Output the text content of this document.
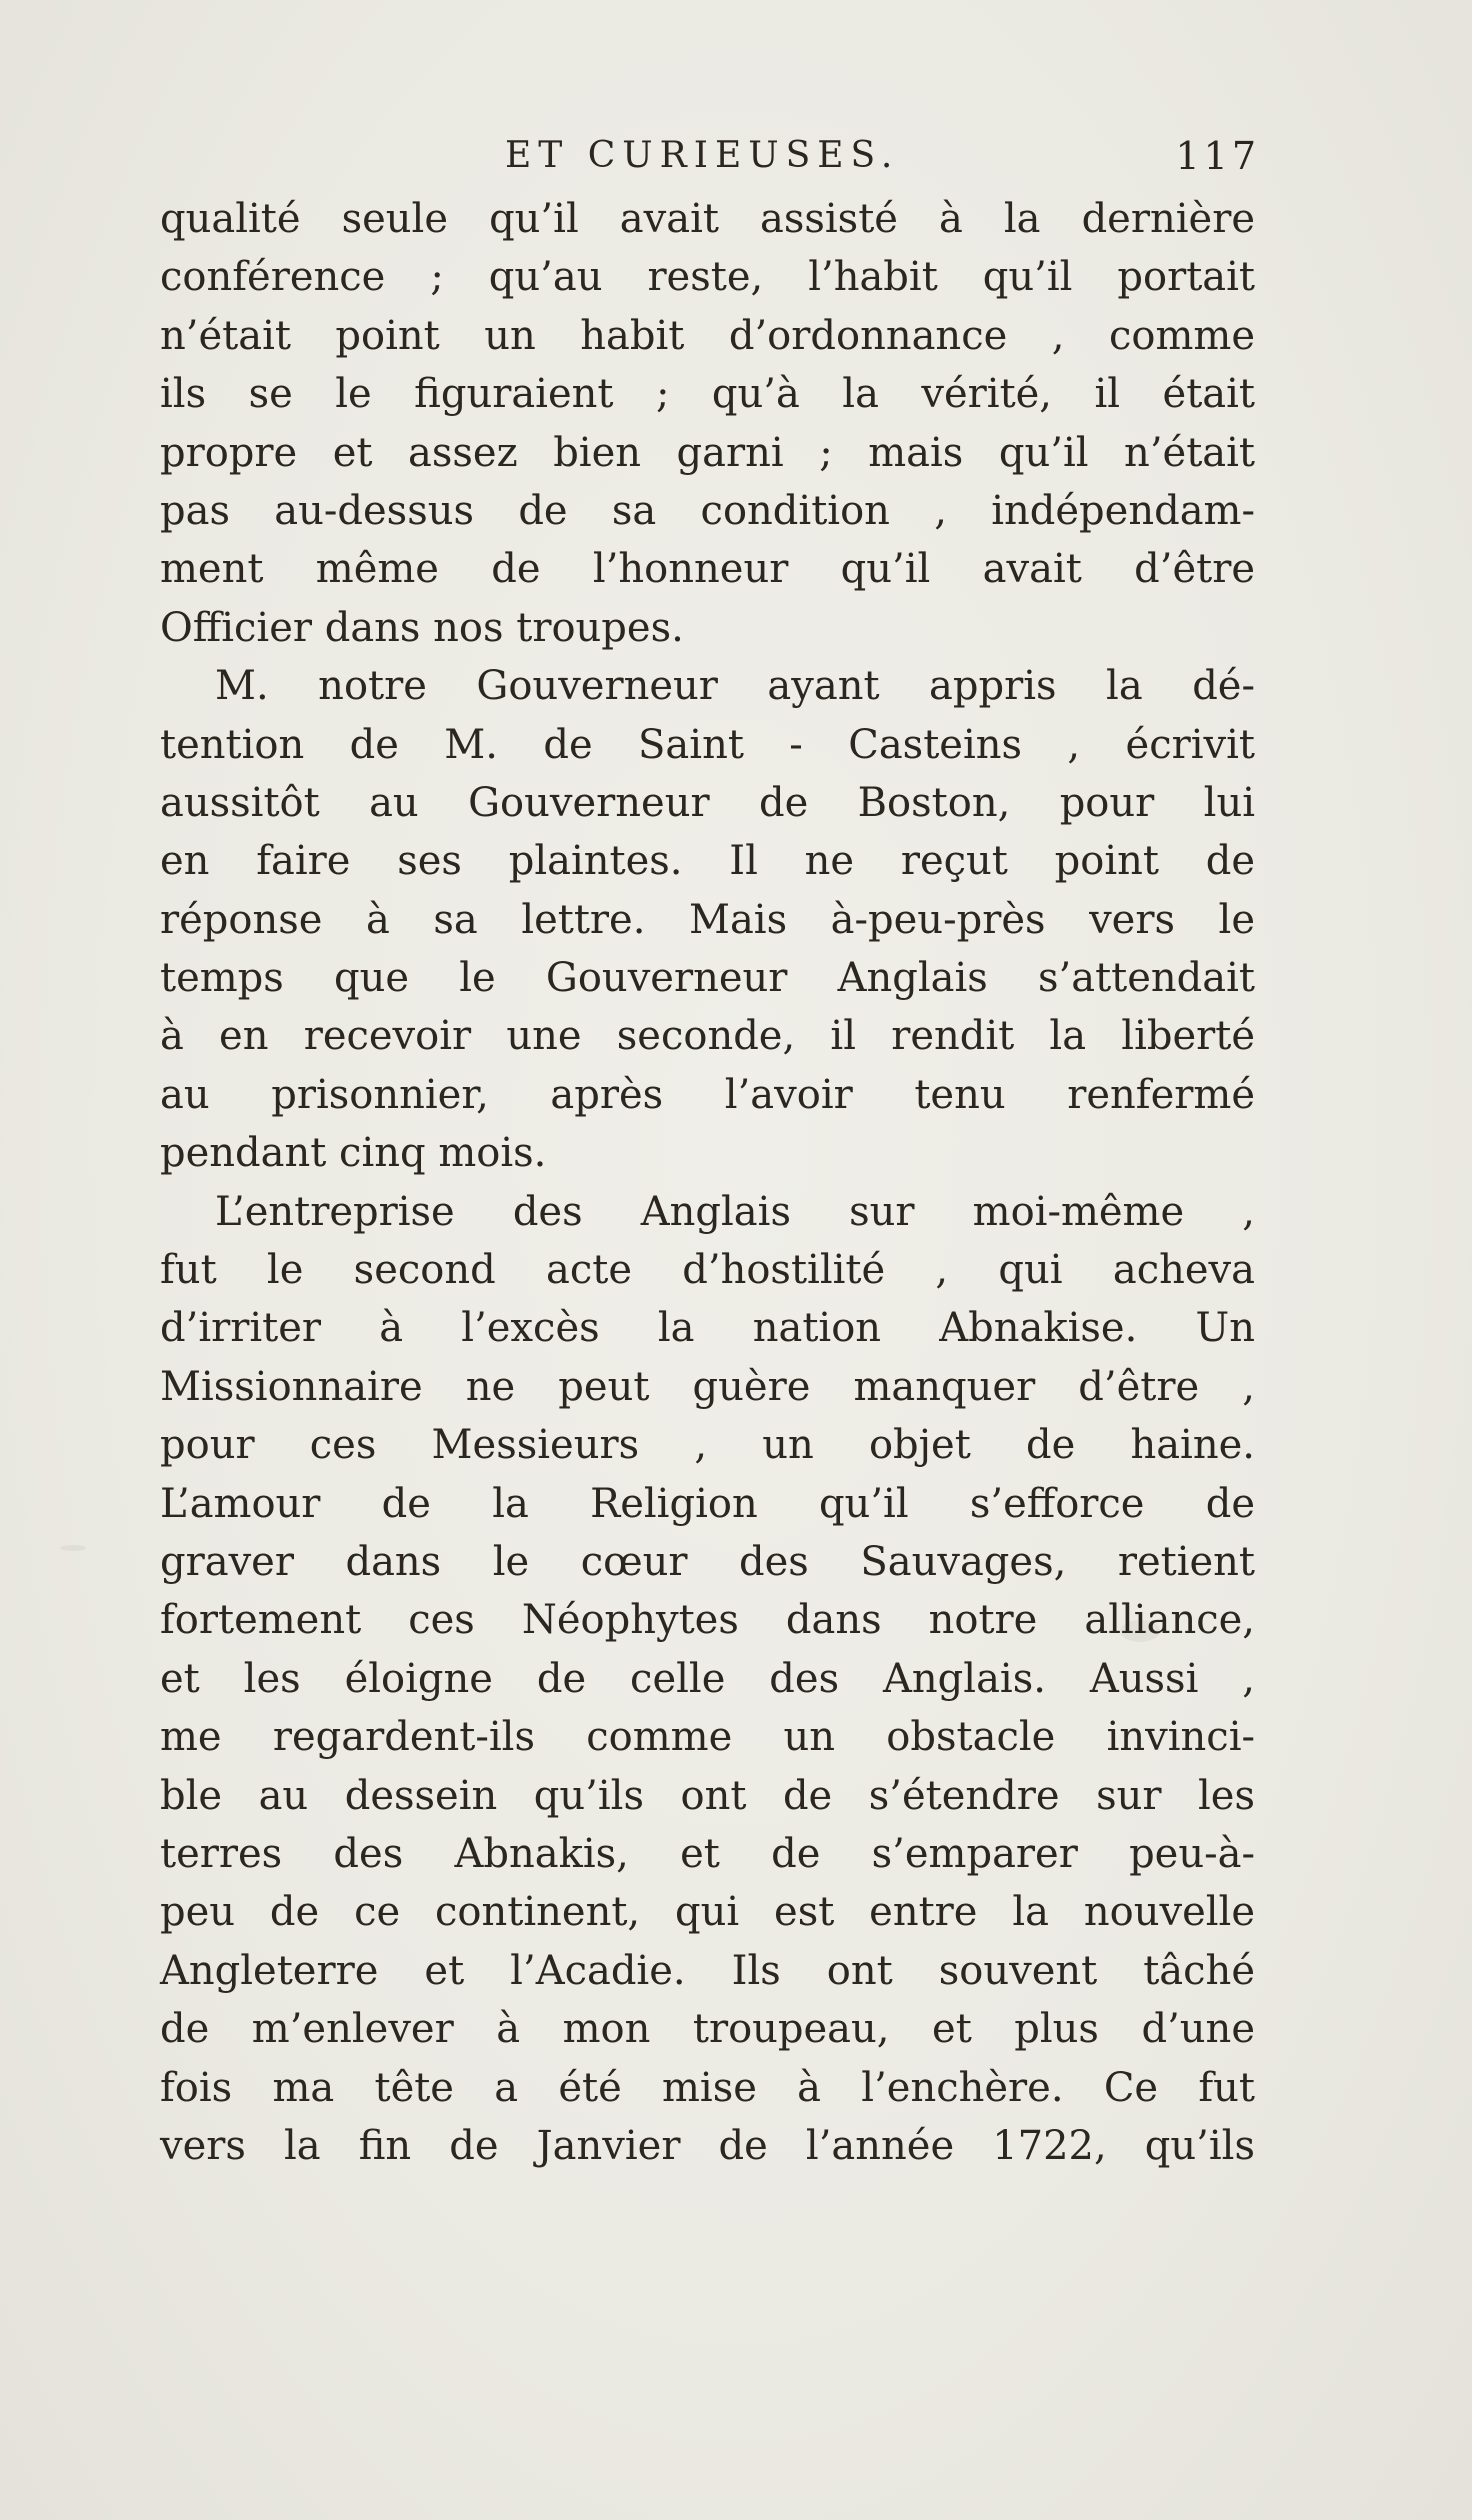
ET CURIEUSES.	117
qualité seule qu’il avait assisté à la dernière
conférence ; qu’au reste, l’habit qu’il portait
n’était point un habit d’ordonnance , comme
ils se le figuraient ; qu’à la vérité, il était
propre et assez bien garni ; mais qu’il n’était
pas au-dessus de sa condition , indépendam-
ment même de l’honneur qu’il avait d’être
Officier dans nos troupes.
M. notre Gouverneur ayant appris la dé-
tention de M. de Saint - Casteins , écrivit
aussitôt au Gouverneur de Boston, pour lui
en faire ses plaintes. Il ne reçut point de
réponse à sa lettre. Mais à-peu-près vers le
temps que le Gouverneur Anglais s’attendait
à en recevoir une seconde, il rendit la liberté
au prisonnier, après l’avoir tenu renfermé
pendant cinq mois.
L’entreprise des Anglais sur moi-même ,
fut le second acte d’hostilité , qui acheva
d’irriter à l’excès la nation Abnakise. Un
Missionnaire ne peut guère manquer d’être ,
pour ces Messieurs , un objet de haine.
L’amour de la Religion qu’il s’efforce de
graver dans le cœur des Sauvages, retient
fortement ces Néophytes dans notre alliance,
et les éloigne de celle des Anglais. Aussi ,
me regardent-ils comme un obstacle invinci-
ble au dessein qu’ils ont de s’étendre sur les
terres des Abnakis, et de s’emparer peu-à-
peu de ce continent, qui est entre la nouvelle
Angleterre et l’Acadie. Ils ont souvent tâché
de m’enlever à mon troupeau, et plus d’une
fois ma tête a été mise à l’enchère. Ce fut
vers la fin de Janvier de l’année 1722, qu’ils
